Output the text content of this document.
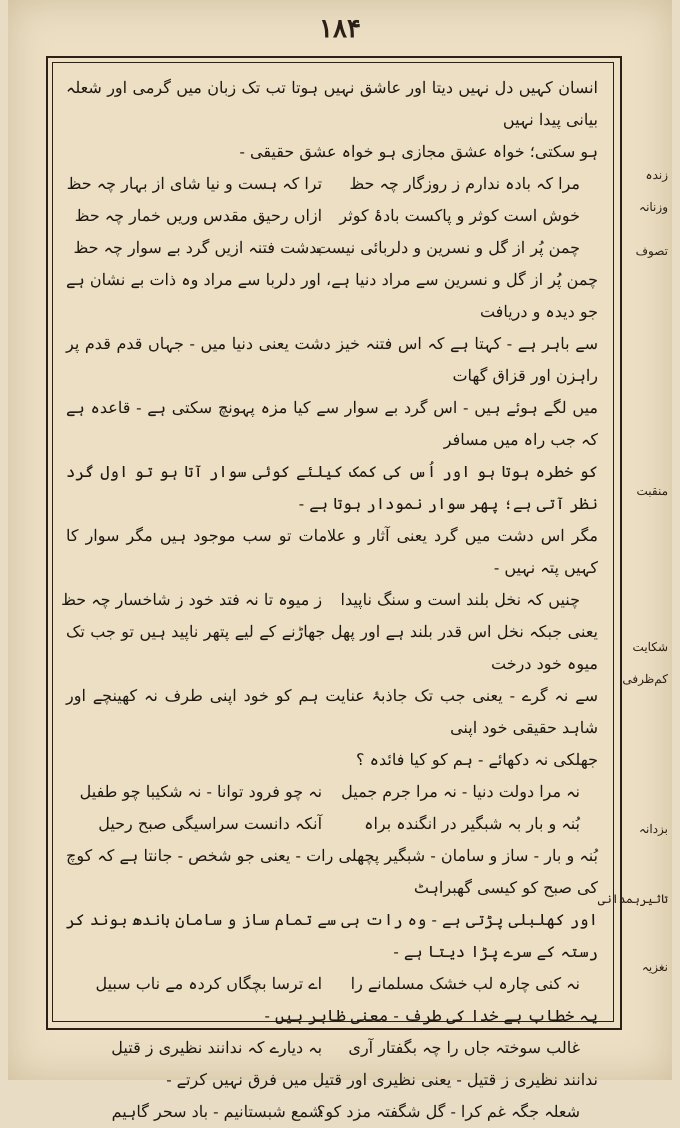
۱۸۴

انسان کہیں دل نہیں دیتا اور عاشق نہیں ہوتا تب تک زبان میں گرمی اور شعلہ بیانی پیدا نہیں

ہو سکتی؛ خواہ عشق مجازی ہو خواہ عشق حقیقی -

مرا کہ بادہ ندارم ز روزگار چہ حظ
ترا کہ ہست و نیا شای از بہار چہ حظ
خوش است کوثر و پاکست بادۂ کوثر
ازاں رحیق مقدس وریں خمار چہ حظ
چمن پُر از گل و نسرین و دلربائی نیست
بدشت فتنہ ازیں گرد بے سوار چہ حظ

چمن پُر از گل و نسرین سے مراد دنیا ہے، اور دلربا سے مراد وہ ذات بے نشان ہے جو دیدہ و دریافت

سے باہر ہے - کہتا ہے کہ اس فتنہ خیز دشت یعنی دنیا میں - جہاں قدم قدم پر راہزن اور قزاق گھات

میں لگے ہوئے ہیں - اس گرد بے سوار سے کیا مزہ پہونچ سکتی ہے - قاعدہ ہے کہ جب راہ میں مسافر

کو خطرہ ہوتا ہو اور اُس کی کمک کیلئے کوئی سوار آتا ہو تو اول گرد نظر آتی ہے؛ پھر سوار نمودار ہوتا ہے -

مگر اس دشت میں گرد یعنی آثار و علامات تو سب موجود ہیں مگر سوار کا کہیں پتہ نہیں -

چنیں کہ نخل بلند است و سنگ ناپیدا
ز میوہ تا نہ فتد خود ز شاخسار چہ حظ

یعنی جبکہ نخل اس قدر بلند ہے اور پھل جھاڑنے کے لیے پتھر ناپید ہیں تو جب تک میوہ خود درخت

سے نہ گرے - یعنی جب تک جاذبۂ عنایت ہم کو خود اپنی طرف نہ کھینچے اور شاہد حقیقی خود اپنی

جھلکی نہ دکھائے - ہم کو کیا فائدہ ؟

نہ مرا دولت دنیا - نہ مرا جرم جمیل
نہ چو فرود توانا - نہ شکیبا چو طفیل
بُنہ و بار بہ شبگیر در انگندہ براہ
آنکہ دانست سراسیگی صبح رحیل

بُنہ و بار - ساز و سامان - شبگیر پچھلی رات - یعنی جو شخص - جانتا ہے کہ کوچ کی صبح کو کیسی گھبراہٹ

اور کھلبلی پڑتی ہے - وہ رات ہی سے تمام ساز و سامان باندھ بوند کر رستہ کے سرے پڑا دیتا ہے -

نہ کنی چارہ لب خشک مسلمانے را
اے ترسا بچگاں کردہ مے ناب سبیل

یہ خطاب ہے خدا کی طرف - معنی ظاہر ہیں -

غالب سوختہ جاں را چہ بگفتار آری
بہ دیارے کہ ندانند نظیری ز قتیل

ندانند نظیری ز قتیل - یعنی نظیری اور قتیل میں فرق نہیں کرتے -

شعلہ جگہ غم کرا - گل شگفتہ مزد کو؟
شمع شبستانیم - باد سحر گاہیم
زندہ
وزنانہ
تصوف
منقبت
شکایت
کم‌ظرفی
بزدانہ
تاثیر‌ہمدانی
نغزیہ
